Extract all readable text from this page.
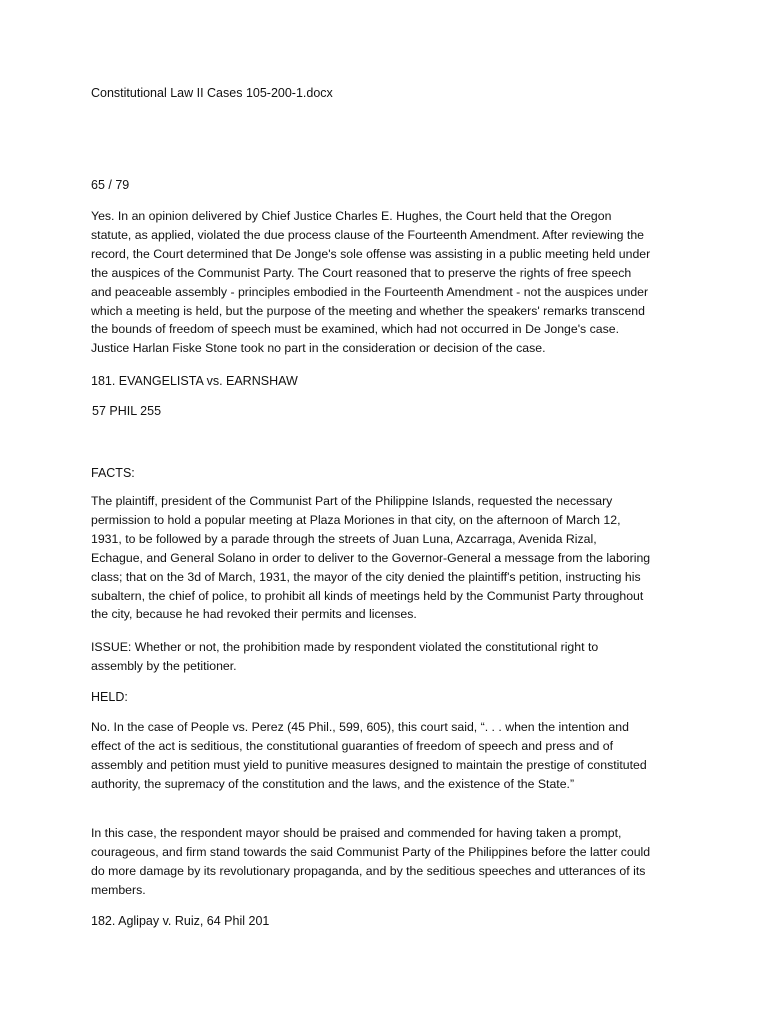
Constitutional Law II Cases 105-200-1.docx
65 / 79
Yes. In an opinion delivered by Chief Justice Charles E. Hughes, the Court held that the Oregon statute, as applied, violated the due process clause of the Fourteenth Amendment. After reviewing the record, the Court determined that De Jonge's sole offense was assisting in a public meeting held under the auspices of the Communist Party. The Court reasoned that to preserve the rights of free speech and peaceable assembly - principles embodied in the Fourteenth Amendment - not the auspices under which a meeting is held, but the purpose of the meeting and whether the speakers' remarks transcend the bounds of freedom of speech must be examined, which had not occurred in De Jonge's case. Justice Harlan Fiske Stone took no part in the consideration or decision of the case.
181. EVANGELISTA vs. EARNSHAW
57 PHIL 255
FACTS:
The plaintiff, president of the Communist Part of the Philippine Islands, requested the necessary permission to hold a popular meeting at Plaza Moriones in that city, on the afternoon of March 12, 1931, to be followed by a parade through the streets of Juan Luna, Azcarraga, Avenida Rizal, Echague, and General Solano in order to deliver to the Governor-General a message from the laboring class; that on the 3d of March, 1931, the mayor of the city denied the plaintiff's petition, instructing his subaltern, the chief of police, to prohibit all kinds of meetings held by the Communist Party throughout the city, because he had revoked their permits and licenses.
ISSUE: Whether or not, the prohibition made by respondent violated the constitutional right to assembly by the petitioner.
HELD:
No. In the case of People vs. Perez (45 Phil., 599, 605), this court said, “. . . when the intention and effect of the act is seditious, the constitutional guaranties of freedom of speech and press and of assembly and petition must yield to punitive measures designed to maintain the prestige of constituted authority, the supremacy of the constitution and the laws, and the existence of the State.”
In this case, the respondent mayor should be praised and commended for having taken a prompt, courageous, and firm stand towards the said Communist Party of the Philippines before the latter could do more damage by its revolutionary propaganda, and by the seditious speeches and utterances of its members.
182. Aglipay v. Ruiz, 64 Phil 201
